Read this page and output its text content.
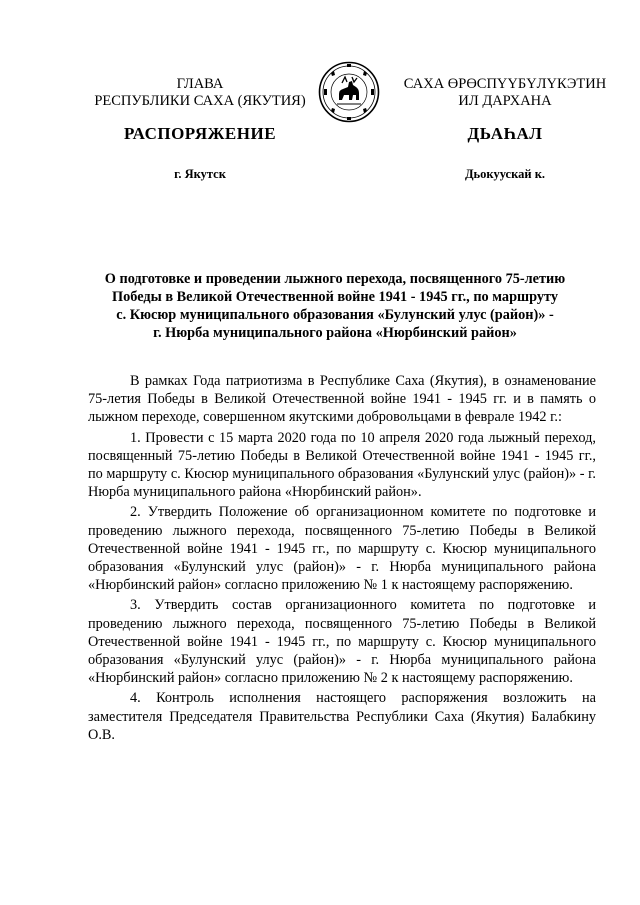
ГЛАВА
РЕСПУБЛИКИ САХА (ЯКУТИЯ)
САХА ӨРӨСПҮҮБҮЛҮКЭТИН
ИЛ ДАРХАНА
РАСПОРЯЖЕНИЕ	ДЬАҺАЛ
г. Якутск	Дьокуускай к.
О подготовке и проведении лыжного перехода, посвященного 75-летию
Победы в Великой Отечественной войне 1941 - 1945 гг., по маршруту
с. Кюсюр муниципального образования «Булунский улус (район)» -
г. Нюрба муниципального района «Нюрбинский район»

В рамках Года патриотизма в Республике Саха (Якутия), в ознаменование 75-летия Победы в Великой Отечественной войне 1941 - 1945 гг. и в память о лыжном переходе, совершенном якутскими добровольцами в феврале 1942 г.:

1. Провести с 15 марта 2020 года по 10 апреля 2020 года лыжный переход, посвященный 75-летию Победы в Великой Отечественной войне 1941 - 1945 гг., по маршруту с. Кюсюр муниципального образования «Булунский улус (район)» - г. Нюрба муниципального района «Нюрбинский район».

2. Утвердить Положение об организационном комитете по подготовке и проведению лыжного перехода, посвященного 75-летию Победы в Великой Отечественной войне 1941 - 1945 гг., по маршруту с. Кюсюр муниципального образования «Булунский улус (район)» - г. Нюрба муниципального района «Нюрбинский район» согласно приложению № 1 к настоящему распоряжению.

3. Утвердить состав организационного комитета по подготовке и проведению лыжного перехода, посвященного 75-летию Победы в Великой Отечественной войне 1941 - 1945 гг., по маршруту с. Кюсюр муниципального образования «Булунский улус (район)» - г. Нюрба муниципального района «Нюрбинский район» согласно приложению № 2 к настоящему распоряжению.

4. Контроль исполнения настоящего распоряжения возложить на заместителя Председателя Правительства Республики Саха (Якутия) Балабкину О.В.
